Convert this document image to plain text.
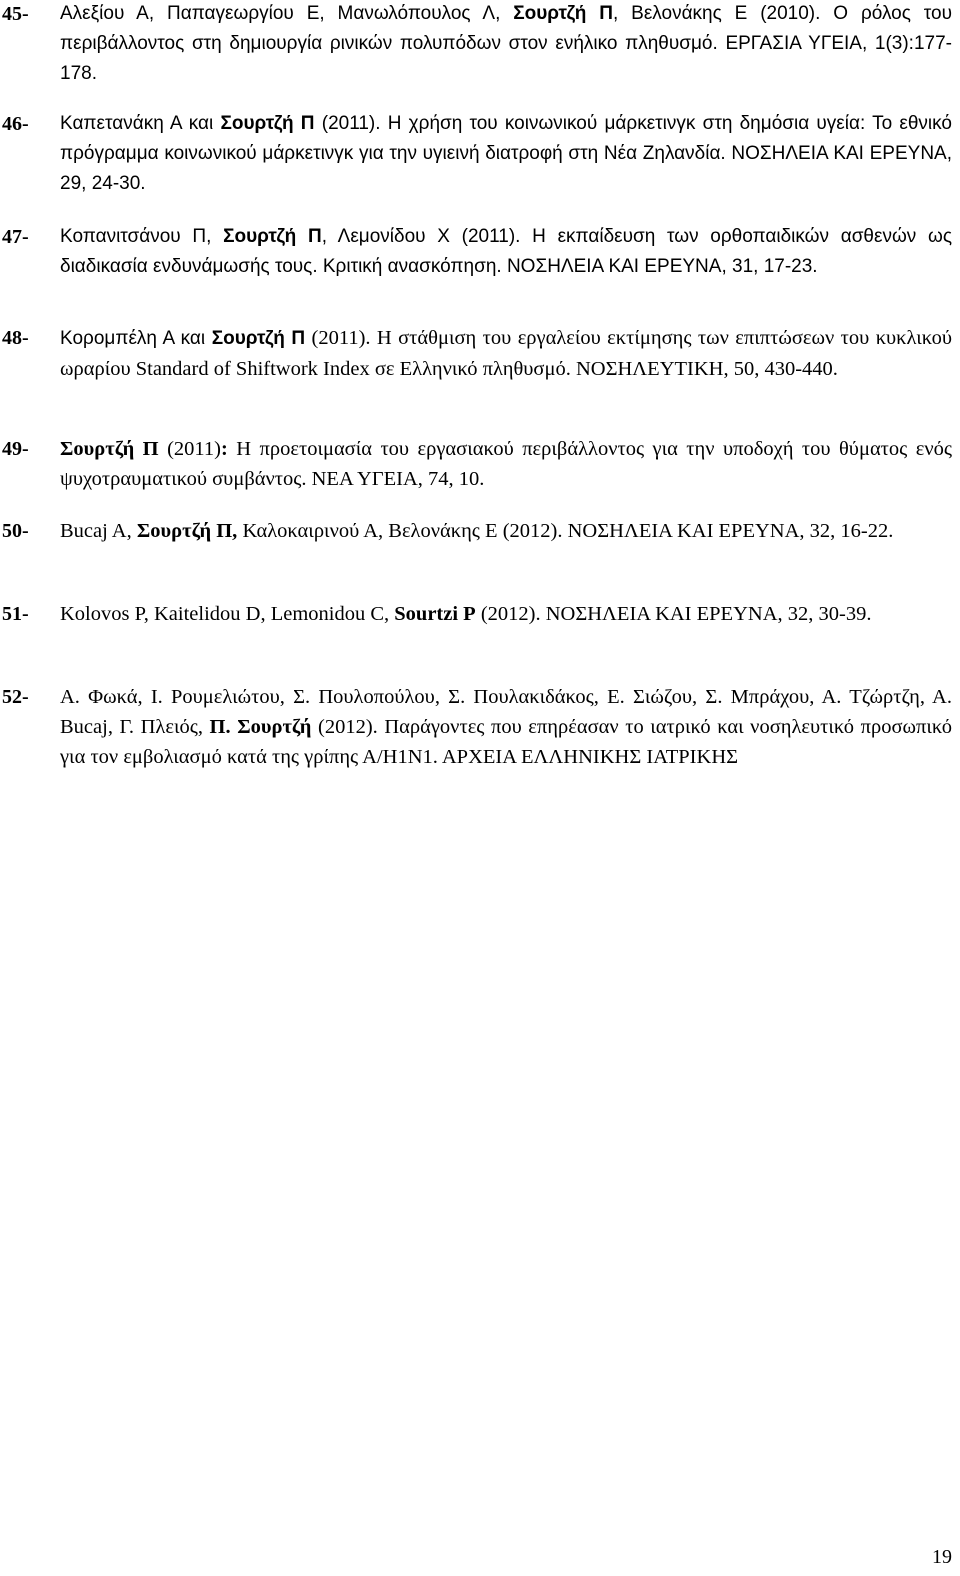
45- Αλεξίου Α, Παπαγεωργίου Ε, Μανωλόπουλος Λ, Σουρτζή Π, Βελονάκης Ε (2010). Ο ρόλος του περιβάλλοντος στη δημιουργία ρινικών πολυπόδων στον ενήλικο πληθυσμό. ΕΡΓΑΣΙΑ ΥΓΕΙΑ, 1(3):177-178.
46- Καπετανάκη Α και Σουρτζή Π (2011). Η χρήση του κοινωνικού μάρκετινγκ στη δημόσια υγεία: Το εθνικό πρόγραμμα κοινωνικού μάρκετινγκ για την υγιεινή διατροφή στη Νέα Ζηλανδία. ΝΟΣΗΛΕΙΑ ΚΑΙ ΕΡΕΥΝΑ, 29, 24-30.
47- Κοπανιτσάνου Π, Σουρτζή Π, Λεμονίδου Χ (2011). Η εκπαίδευση των ορθοπαιδικών ασθενών ως διαδικασία ενδυνάμωσής τους. Κριτική ανασκόπηση. ΝΟΣΗΛΕΙΑ ΚΑΙ ΕΡΕΥΝΑ, 31, 17-23.
48- Κορομπέλη Α και Σουρτζή Π (2011). Η στάθμιση του εργαλείου εκτίμησης των επιπτώσεων του κυκλικού ωραρίου Standard of Shiftwork Index σε Ελληνικό πληθυσμό. ΝΟΣΗΛΕΥΤΙΚΗ, 50, 430-440.
49- Σουρτζή Π (2011): Η προετοιμασία του εργασιακού περιβάλλοντος για την υποδοχή του θύματος ενός ψυχοτραυματικού συμβάντος. ΝΕΑ ΥΓΕΙΑ, 74, 10.
50- Bucaj A, Σουρτζή Π, Καλοκαιρινού Α, Βελονάκης Ε (2012). ΝΟΣΗΛΕΙΑ ΚΑΙ ΕΡΕΥΝΑ, 32, 16-22.
51- Kolovos P, Kaitelidou D, Lemonidou C, Sourtzi P (2012). ΝΟΣΗΛΕΙΑ ΚΑΙ ΕΡΕΥΝΑ, 32, 30-39.
52- Α. Φωκά, Ι. Ρουμελιώτου, Σ. Πουλοπούλου, Σ. Πουλακιδάκος, Ε. Σιώζου, Σ. Μπράχου, Α. Τζώρτζη, Α. Bucaj, Γ. Πλειός, Π. Σουρτζή (2012). Παράγοντες που επηρέασαν το ιατρικό και νοσηλευτικό προσωπικό για τον εμβολιασμό κατά της γρίπης Α/Η1Ν1. ΑΡΧΕΙΑ ΕΛΛΗΝΙΚΗΣ ΙΑΤΡΙΚΗΣ
19
